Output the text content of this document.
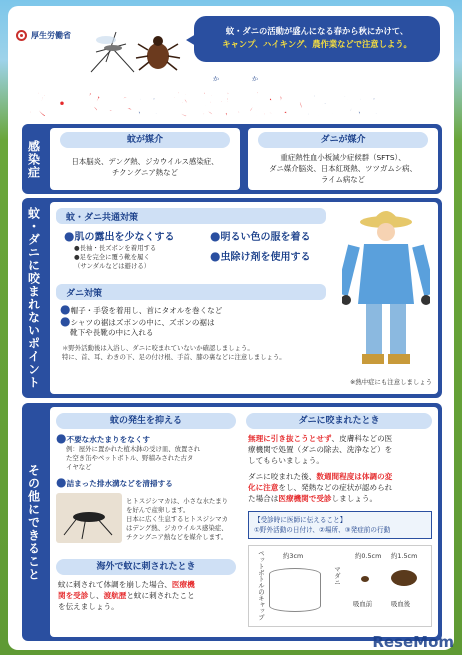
厚生労働省	蚊・ダニの活動が盛んになる春から秋にかけて、
キャンプ、ハイキング、農作業などで注意しよう。
か	か
蚊・ダニに咬まれないために
感染症	蚊が媒介
日本脳炎、デング熱、ジカウイルス感染症、
チクングニア熱など
ダニが媒介
重症熱性血小板減少症候群（SFTS）、
ダニ媒介脳炎、日本紅斑熱、ツツガムシ病、
ライム病など
蚊・ダニに咬まれないポイント	蚊・ダニ共通対策
●肌の露出を少なくする
●長袖・長ズボンを着用する
●足を完全に覆う靴を履く
（サンダルなどは避ける）
●明るい色の服を着る
●虫除け剤を使用する
ダニ対策
●帽子・手袋を着用し、首にタオルを巻くなど
●シャツの裾はズボンの中に、ズボンの裾は
靴下や長靴の中に入れる
＊野外活動後は入浴し、ダニに咬まれていないか確認しましょう。
特に、首、耳、わきの下、足の付け根、手首、膝の裏などに注意しましょう。
※熱中症にも注意しましょう
その他にできること
蚊の発生を抑える
●不要な水たまりをなくす
例：屋外に置かれた植木鉢の受け皿、放置され
た空き缶やペットボトル、野積みされた古タ
イヤなど
●詰まった排水溝などを清掃する
ヒトスジシマカは、小さな水たまり
を好んで産卵します。
日本に広く生息するヒトスジシマカ
はデング熱、ジカウイルス感染症、
チクングニア熱などを媒介します。
海外で蚊に刺されたとき
蚊に刺されて体調を崩した場合、医療機
関を受診し、渡航歴と蚊に刺されたこと
を伝えましょう。
ダニに咬まれたとき
無理に引き抜こうとせず、皮膚科などの医
療機関で処置（ダニの除去、洗浄など）を
してもらいましょう。
ダニに咬まれた後、数週間程度は体調の変
化に注意をし、発熱などの症状が認められ
た場合は医療機関で受診しましょう。
【受診時に医師に伝えること】
①野外活動の日付け、②場所、③発症前の行動
ペットボトルのキャップ	約3cm
マダニ
約0.5cm 約1.5cm
吸血前	吸血後
ReseMom
